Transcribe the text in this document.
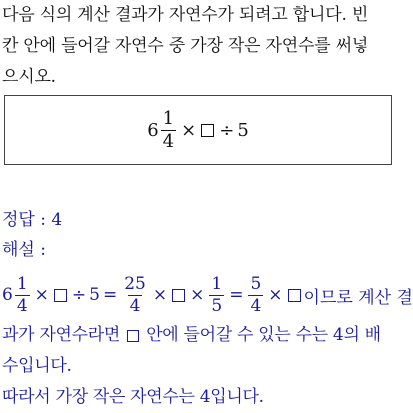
다음 식의 계산 결과가 자연수가 되려고 합니다. 빈
칸 안에 들어갈 자연수 중 가장 작은 자연수를 써넣
으시오.
$6 \frac{1}{4}$ × ÷ 5
정답 : 4
해설 :
$6 \frac{1}{4}$ × ÷ $5 = \frac{25}{4}$ × × $\frac{1}{5} = \frac{5}{4}$ × 이므로 계산 결
과가 자연수라면 안에 들어갈 수 있는 수는 4의 배
수입니다.
따라서 가장 작은 자연수는 4입니다.
